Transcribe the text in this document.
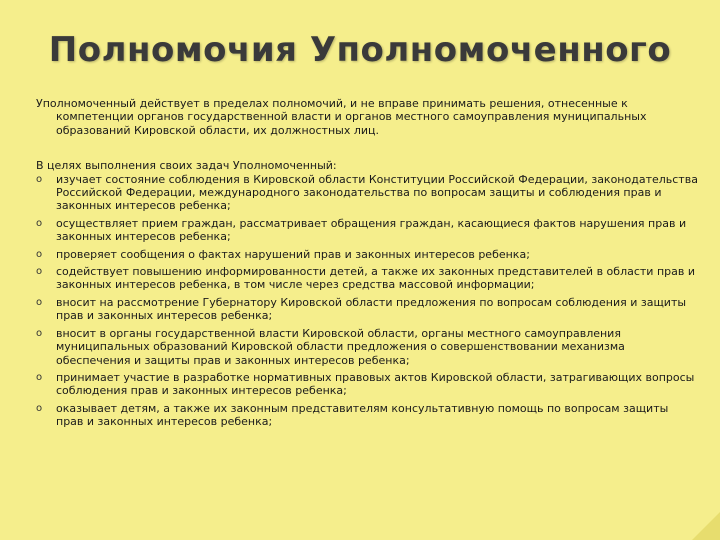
Полномочия Уполномоченного

Уполномоченный действует в пределах полномочий, и не вправе принимать решения, отнесенные к компетенции органов государственной власти и органов местного самоуправления муниципальных образований Кировской области, их должностных лиц.

В целях выполнения своих задач Уполномоченный:

o изучает состояние соблюдения в Кировской области Конституции Российской Федерации, законодательства Российской Федерации, международного законодательства по вопросам защиты и соблюдения прав и законных интересов ребенка;
o осуществляет прием граждан, рассматривает обращения граждан, касающиеся фактов нарушения прав и законных интересов ребенка;
o проверяет сообщения о фактах нарушений прав и законных интересов ребенка;
o содействует повышению информированности детей, а также их законных представителей в области прав и законных интересов ребенка, в том числе через средства массовой информации;
o вносит на рассмотрение Губернатору Кировской области предложения по вопросам соблюдения и защиты прав и законных интересов ребенка;
o вносит в органы государственной власти Кировской области, органы местного самоуправления муниципальных образований Кировской области предложения о совершенствовании механизма обеспечения и защиты прав и законных интересов ребенка;
o принимает участие в разработке нормативных правовых актов Кировской области, затрагивающих вопросы соблюдения прав и законных интересов ребенка;
o оказывает детям, а также их законным представителям консультативную помощь по вопросам защиты прав и законных интересов ребенка;
